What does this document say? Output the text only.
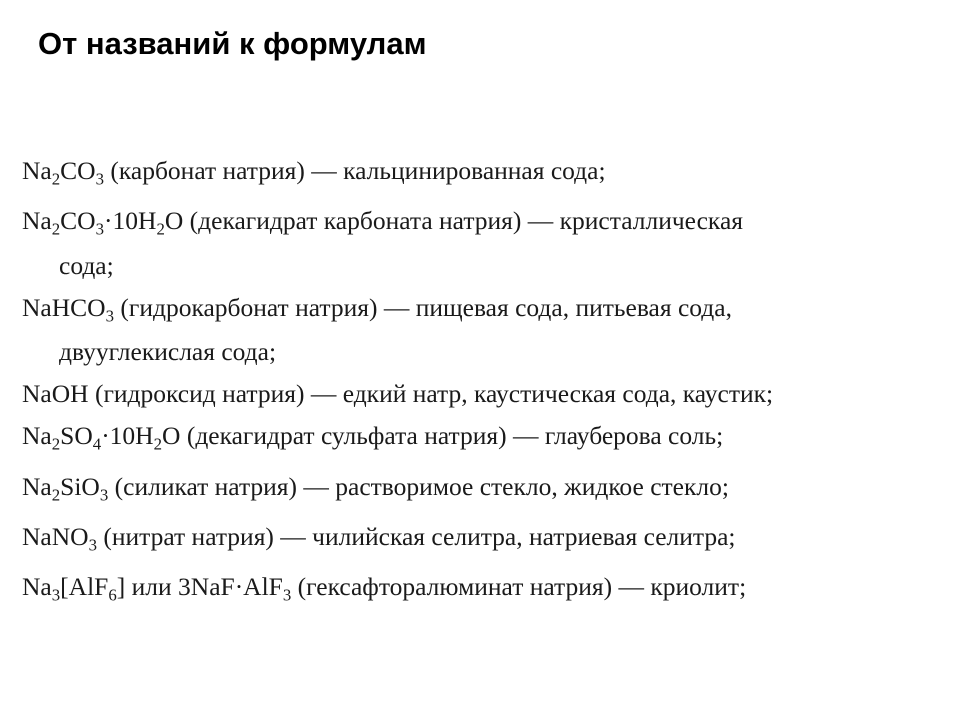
От названий к формулам

$Na_2CO_3$ (карбонат натрия) — кальцинированная сода;

$Na_2CO_3\cdot 10H_2O$ (декагидрат карбоната натрия) — кристаллическая

сода;

NaHCO$_3$ (гидрокарбонат натрия) — пищевая сода, питьевая сода,

двууглекислая сода;

NaOH (гидроксид натрия) — едкий натр, каустическая сода, каустик;

$Na_2SO_4\cdot 10H_2O$ (декагидрат сульфата натрия) — глауберова соль;

$Na_2SiO_3$ (силикат натрия) — растворимое стекло, жидкое стекло;

NaNO$_3$ (нитрат натрия) — чилийская селитра, натриевая селитра;

$Na_3[AlF_6]$ или 3NaF·AlF$_3$ (гексафторалюминат натрия) — криолит;
